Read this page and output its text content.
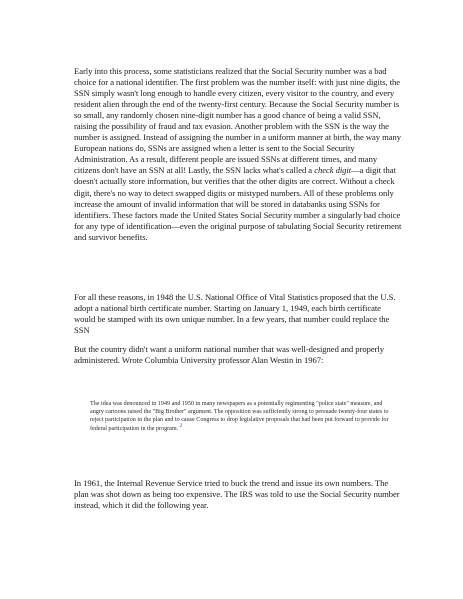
Early into this process, some statisticians realized that the Social Security number was a bad choice for a national identifier. The first problem was the number itself: with just nine digits, the SSN simply wasn't long enough to handle every citizen, every visitor to the country, and every resident alien through the end of the twenty-first century. Because the Social Security number is so small, any randomly chosen nine-digit number has a good chance of being a valid SSN, raising the possibility of fraud and tax evasion. Another problem with the SSN is the way the number is assigned. Instead of assigning the number in a uniform manner at birth, the way many European nations do, SSNs are assigned when a letter is sent to the Social Security Administration. As a result, different people are issued SSNs at different times, and many citizens don't have an SSN at all! Lastly, the SSN lacks what's called a check digit—a digit that doesn't actually store information, but verifies that the other digits are correct. Without a check digit, there's no way to detect swapped digits or mistyped numbers. All of these problems only increase the amount of invalid information that will be stored in databanks using SSNs for identifiers. These factors made the United States Social Security number a singularly bad choice for any type of identification—even the original purpose of tabulating Social Security retirement and survivor benefits.

For all these reasons, in 1948 the U.S. National Office of Vital Statistics proposed that the U.S. adopt a national birth certificate number. Starting on January 1, 1949, each birth certificate would be stamped with its own unique number. In a few years, that number could replace the SSN

But the country didn't want a uniform national number that was well-designed and properly administered. Wrote Columbia University professor Alan Westin in 1967:

The idea was denounced in 1949 and 1950 in many newspapers as a potentially regimenting "police state" measure, and angry cartoons raised the "Big Brother" argument. The opposition was sufficiently strong to persuade twenty-four states to reject participation in the plan and to cause Congress to drop legislative proposals that had been put forward to provide for federal participation in the program. $^2$

In 1961, the Internal Revenue Service tried to buck the trend and issue its own numbers. The plan was shot down as being too expensive. The IRS was told to use the Social Security number instead, which it did the following year.
